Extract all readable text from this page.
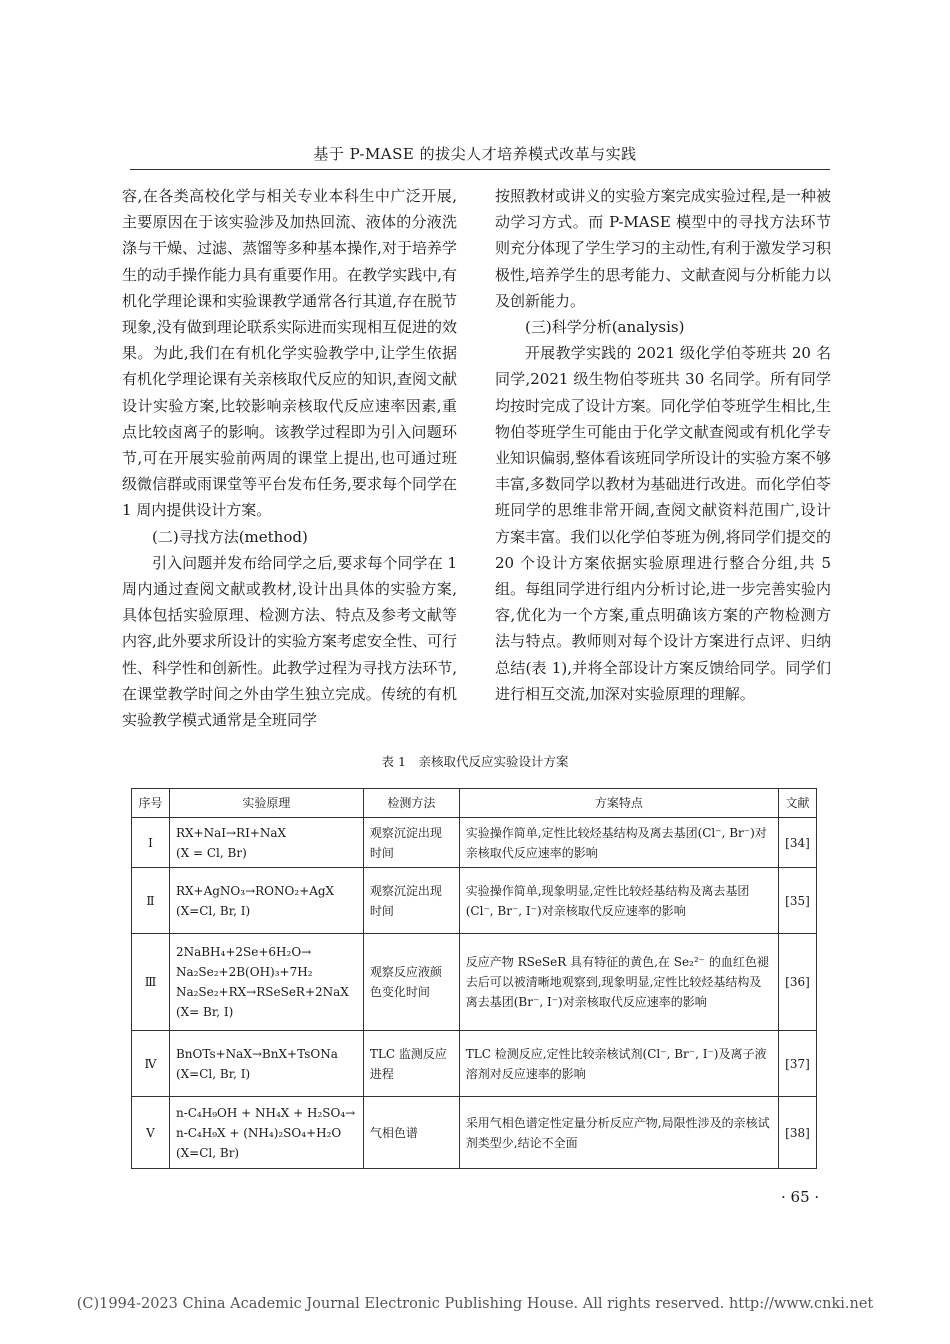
基于 P-MASE 的拔尖人才培养模式改革与实践

容,在各类高校化学与相关专业本科生中广泛开展,主要原因在于该实验涉及加热回流、液体的分液洗涤与干燥、过滤、蒸馏等多种基本操作,对于培养学生的动手操作能力具有重要作用。在教学实践中,有机化学理论课和实验课教学通常各行其道,存在脱节现象,没有做到理论联系实际进而实现相互促进的效果。为此,我们在有机化学实验教学中,让学生依据有机化学理论课有关亲核取代反应的知识,查阅文献设计实验方案,比较影响亲核取代反应速率因素,重点比较卤离子的影响。该教学过程即为引入问题环节,可在开展实验前两周的课堂上提出,也可通过班级微信群或雨课堂等平台发布任务,要求每个同学在 1 周内提供设计方案。

(二)寻找方法(method)

引入问题并发布给同学之后,要求每个同学在 1 周内通过查阅文献或教材,设计出具体的实验方案,具体包括实验原理、检测方法、特点及参考文献等内容,此外要求所设计的实验方案考虑安全性、可行性、科学性和创新性。此教学过程为寻找方法环节,在课堂教学时间之外由学生独立完成。传统的有机实验教学模式通常是全班同学

按照教材或讲义的实验方案完成实验过程,是一种被动学习方式。而 P-MASE 模型中的寻找方法环节则充分体现了学生学习的主动性,有利于激发学习积极性,培养学生的思考能力、文献查阅与分析能力以及创新能力。

(三)科学分析(analysis)

开展教学实践的 2021 级化学伯苓班共 20 名同学,2021 级生物伯苓班共 30 名同学。所有同学均按时完成了设计方案。同化学伯苓班学生相比,生物伯苓班学生可能由于化学文献查阅或有机化学专业知识偏弱,整体看该班同学所设计的实验方案不够丰富,多数同学以教材为基础进行改进。而化学伯苓班同学的思维非常开阔,查阅文献资料范围广,设计方案丰富。我们以化学伯苓班为例,将同学们提交的 20 个设计方案依据实验原理进行整合分组,共 5 组。每组同学进行组内分析讨论,进一步完善实验内容,优化为一个方案,重点明确该方案的产物检测方法与特点。教师则对每个设计方案进行点评、归纳总结(表 1),并将全部设计方案反馈给同学。同学们进行相互交流,加深对实验原理的理解。

表 1　亲核取代反应实验设计方案
序号	实验原理	检测方法	方案特点	文献
Ⅰ	RX+NaI→RI+NaX
(X = Cl, Br)	观察沉淀出现时间	实验操作简单,定性比较烃基结构及离去基团(Cl⁻, Br⁻)对亲核取代反应速率的影响	[34]
Ⅱ	RX+AgNO₃→RONO₂+AgX
(X=Cl, Br, I)	观察沉淀出现时间	实验操作简单,现象明显,定性比较烃基结构及离去基团(Cl⁻, Br⁻, I⁻)对亲核取代反应速率的影响	[35]
Ⅲ	2NaBH₄+2Se+6H₂O→
Na₂Se₂+2B(OH)₃+7H₂
Na₂Se₂+RX→RSeSeR+2NaX
(X= Br, I)	观察反应液颜色变化时间	反应产物 RSeSeR 具有特征的黄色,在 Se₂²⁻ 的血红色褪去后可以被清晰地观察到,现象明显,定性比较烃基结构及离去基团(Br⁻, I⁻)对亲核取代反应速率的影响	[36]
Ⅳ	BnOTs+NaX→BnX+TsONa
(X=Cl, Br, I)	TLC 监测反应进程	TLC 检测反应,定性比较亲核试剂(Cl⁻, Br⁻, I⁻)及离子液溶剂对反应速率的影响	[37]
Ⅴ	n-C₄H₉OH + NH₄X + H₂SO₄→
n-C₄H₉X + (NH₄)₂SO₄+H₂O
(X=Cl, Br)	气相色谱	采用气相色谱定性定量分析反应产物,局限性涉及的亲核试剂类型少,结论不全面	[38]
· 65 ·
(C)1994-2023 China Academic Journal Electronic Publishing House. All rights reserved. http://www.cnki.net
